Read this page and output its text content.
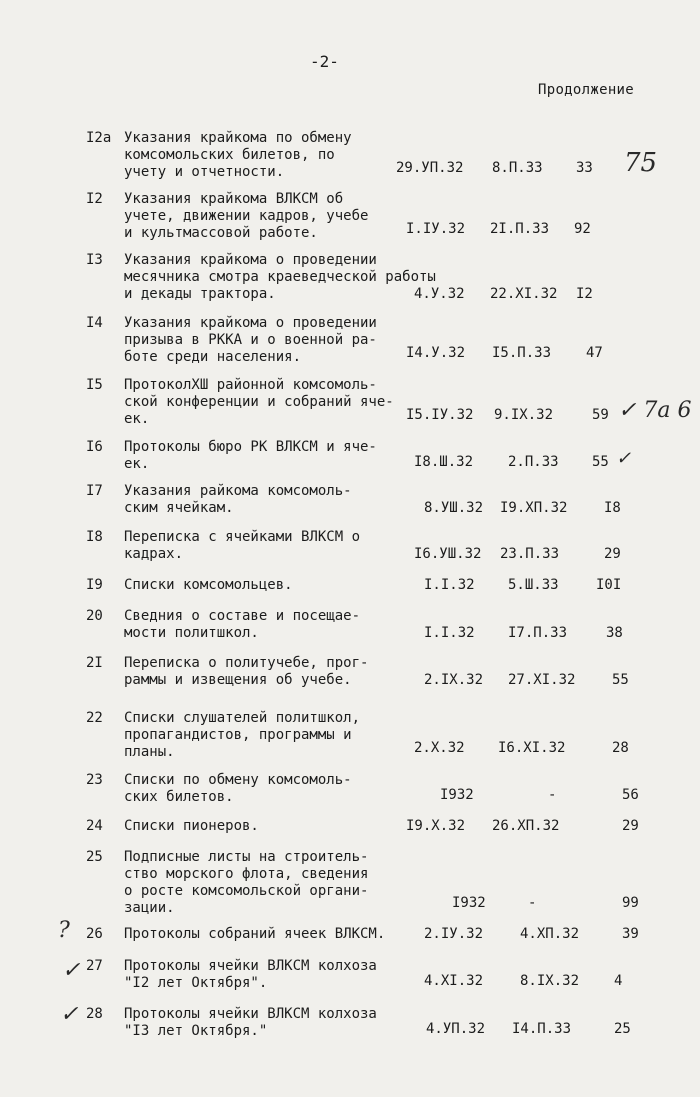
-2-
Продолжение
I2а Указания крайкома по обмену
комсомольских билетов, по
учету и отчетности.	29.УП.32 8.П.33 33
I2	Указания крайкома ВЛКСМ об
учете, движении кадров, учебе
и культмассовой работе.	I.IУ.32 2I.П.33 92
I3	Указания крайкома о проведении
месячника смотра краеведческой работы
и декады трактора.	4.У.32 22.XI.32 I2
I4	Указания крайкома о проведении
призыва в РККА и о военной ра-
боте среди населения.	I4.У.32 I5.П.33 47
I5	ПротоколXШ районной комсомоль-
ской конференции и собраний яче-
ек.	I5.IУ.32 9.IX.32	59
I6	Протоколы бюро РК ВЛКСМ и яче-
ек.	I8.Ш.32 2.П.33 55
I7	Указания райкома комсомоль-
ским ячейкам.	8.УШ.32 I9.XП.32	I8
I8	Переписка с ячейками ВЛКСМ о
кадрах.	I6.УШ.32 23.П.33	29
I9	Списки комсомольцев.	I.I.32 5.Ш.33	I0I
20	Сведния о составе и посещае-
мости политшкол.	I.I.32 I7.П.33	38
2I	Переписка о политучебе, прог-
раммы и извещения об учебе.	2.IX.32 27.XI.32	55
22	Списки слушателей политшкол,
пропагандистов, программы и
планы.	2.X.32 I6.XI.32	28
23	Списки по обмену комсомоль-
ских билетов.	I932	-	56
24	Списки пионеров.	I9.X.32 26.XП.32	29
25	Подписные листы на строитель-
ство морского флота, сведения
о росте комсомольской органи-
зации.	I932	-	99
26	Протоколы собраний ячеек ВЛКСМ.	2.IУ.32	4.XП.32	39
27	Протоколы ячейки ВЛКСМ колхоза
"I2 лет Октября".	4.XI.32	8.IX.32 4
28	Протоколы ячейки ВЛКСМ колхоза
"I3 лет Октября."	4.УП.32 I4.П.33	25
75
✓ 7а 6
✓
?
✓
✓
